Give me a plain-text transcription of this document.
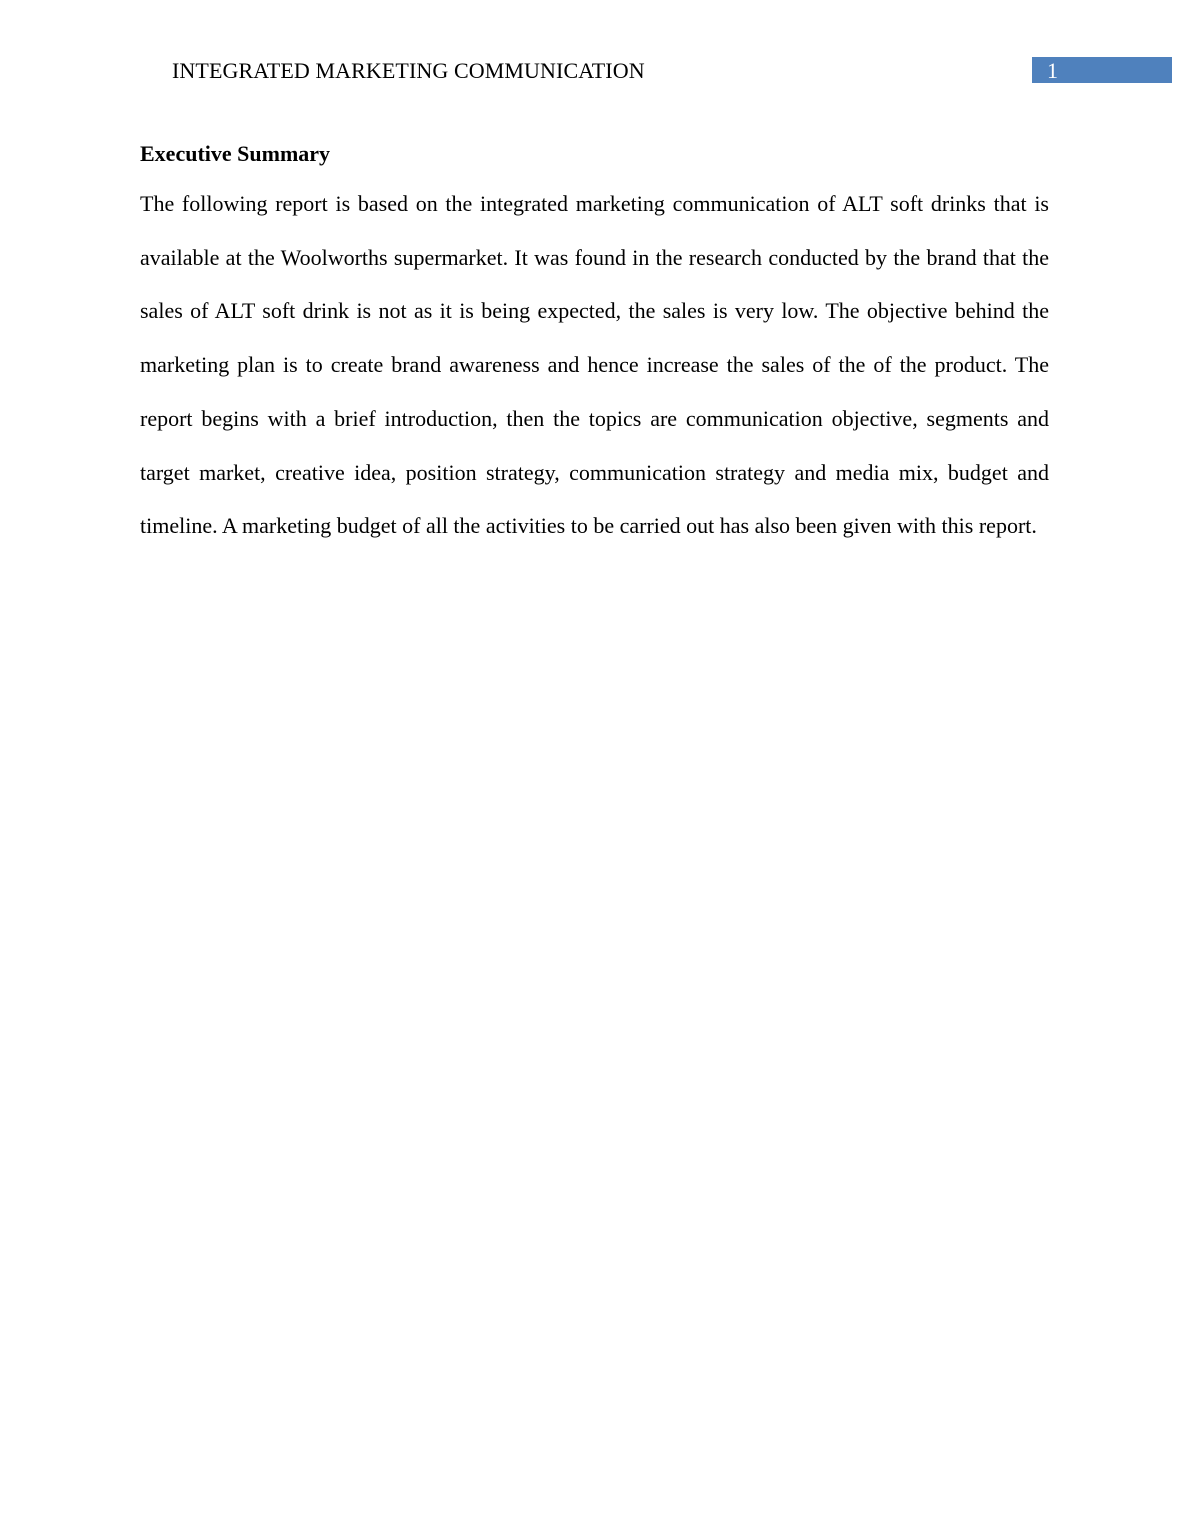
INTEGRATED MARKETING COMMUNICATION	1
Executive Summary

The following report is based on the integrated marketing communication of ALT soft drinks that is available at the Woolworths supermarket. It was found in the research conducted by the brand that the sales of ALT soft drink is not as it is being expected, the sales is very low. The objective behind the marketing plan is to create brand awareness and hence increase the sales of the of the product. The report begins with a brief introduction, then the topics are communication objective, segments and target market, creative idea, position strategy, communication strategy and media mix, budget and timeline. A marketing budget of all the activities to be carried out has also been given with this report.
